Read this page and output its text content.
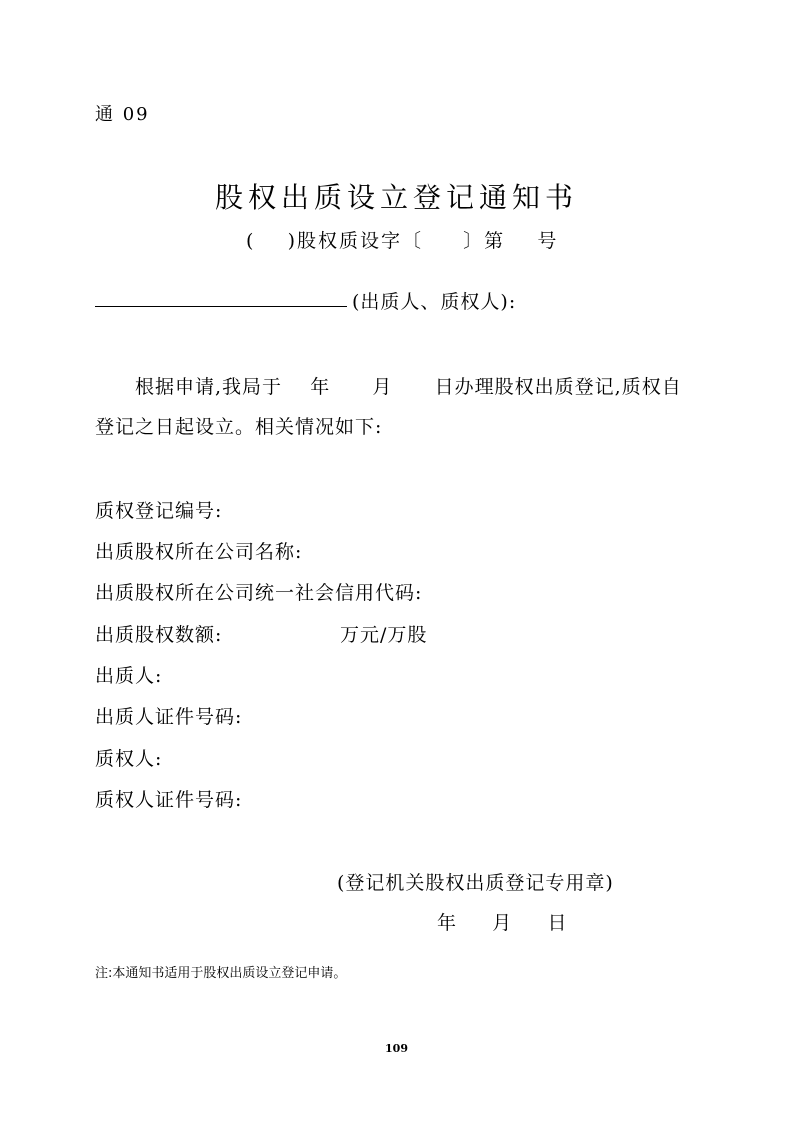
通 09
股权出质设立登记通知书
(    )股权质设字〔     〕第    号
(出质人、质权人):
根据申请,我局于    年      月      日办理股权出质登记,质权自
登记之日起设立。相关情况如下:
质权登记编号:
出质股权所在公司名称:
出质股权所在公司统一社会信用代码:
出质股权数额:	万元/万股
出质人:
出质人证件号码:
质权人:
质权人证件号码:
(登记机关股权出质登记专用章)
年      月      日
注:本通知书适用于股权出质设立登记申请。
109
